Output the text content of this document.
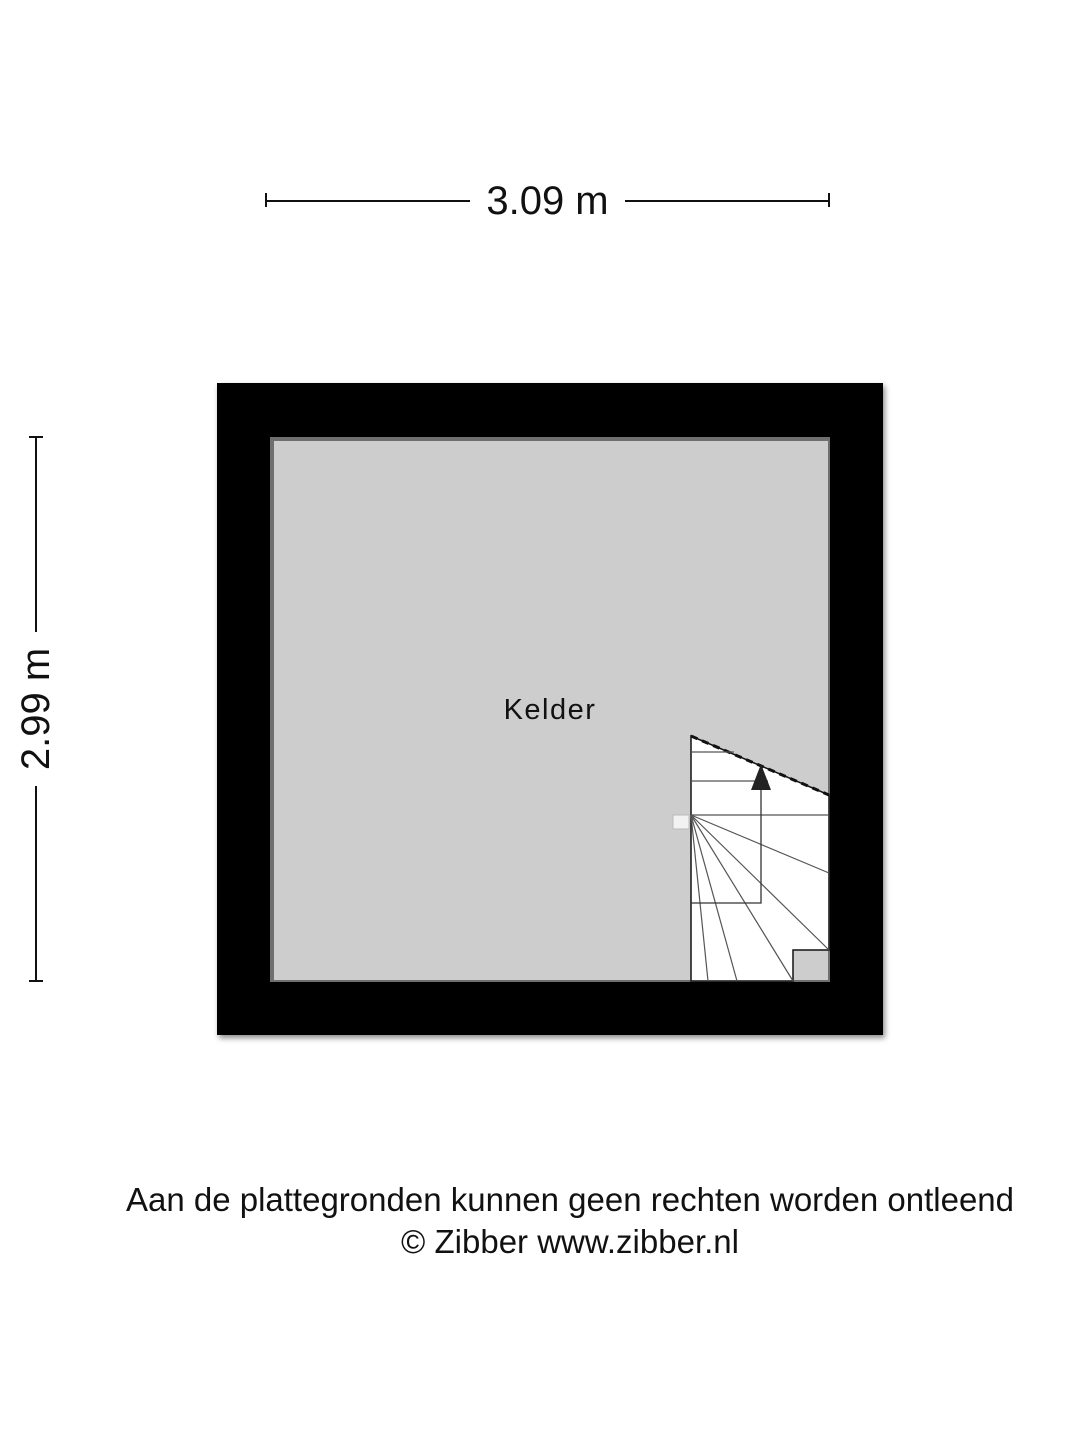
3.09 m
2.99 m	Kelder
Aan de plattegronden kunnen geen rechten worden ontleend
© Zibber www.zibber.nl
